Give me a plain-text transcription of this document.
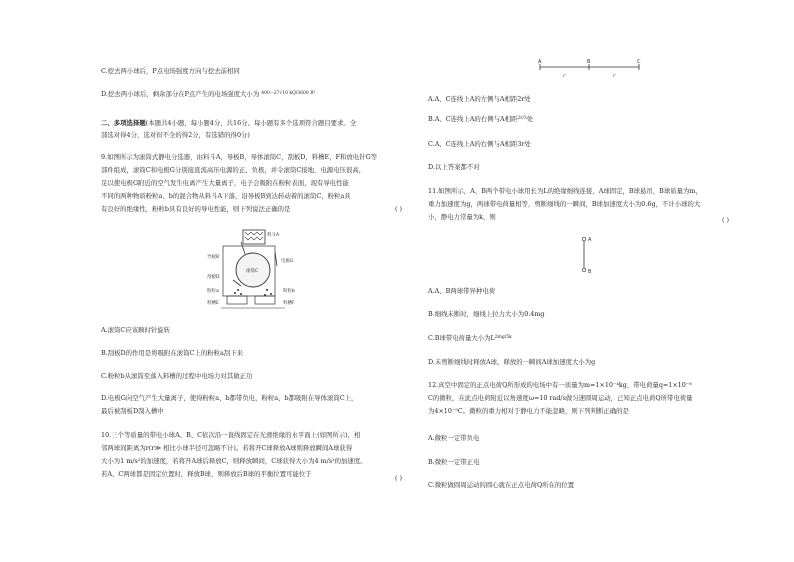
C.挖去两小球后，P点电场强度方向与挖去前相同
D.挖去两小球后，剩余部分在P点产生的电场强度大小为 400−27√10 kQ/3600 R²
二、多项选择题(本题共4小题，每小题4分，共16分。每小题有多个选项符合题目要求。全
部选对得4分，选对但不全的得2分，有选错的得0分)
9.如图所示为滚筒式静电分选器，由料斗A，导板B，导体滚筒C，刮板D，料槽E，F和放电针G等
部件组成，滚筒C和电极G分别接直流高压电源的正、负极，并令滚筒C接地，电源电压很高，
足以使电极G附近的空气发生电离产生大量离子，电子会吸附在粉粒表面，现有导电性能
不同的两种物质粉粒a、b的混合物从料斗A下落，沿导板B到达转动着的滚筒C，粉粒a具
有良好的绝缘性，粉粒b具有良好的导电性能，则下列说法正确的是	( )
料斗A
导板B
刮板D
滚筒C
电极G
粉粒a	粉粒b
料槽E	料槽F
A.滚筒C应该顺时针旋转
B.刮板D的作用是将吸附在滚筒C上的粉粒a刮下来
C.粉粒b从滚筒至落入料槽的过程中电场力对其做正功
D.电极G向空气产生大量离子，使得粉粒a、b都带负电，粉粒a、b都吸附在导体滚筒C上，
最后被刮板D刮入槽中
10.三个等质量的带电小球A、B、C依次沿一直线固定在光滑绝缘的水平面上(如图所示)，相
邻两球间距离为r(r≫ 相比小球半径可忽略不计)。若将开C球释放A球则释放瞬间A球获得
大小为1 m/s²的加速度，若将开A球后释放C，则释放瞬间，C球获得大小为4 m/s²的加速度。
若A、C两球都是固定位置时，释放B球，则释放后B球的平衡位置可能位于	( )
A	B	C
r	r
A.A、C连线上A的左侧与A相距2r处
B.A、C连线上A的右侧与A相距2r/3处
C.A、C连线上A的右侧与A相距3r处
D.以上答案都不对
11.如图所示，A、B两个带电小球用长为L的绝缘细线连接，A球固定，B球悬吊，B球质量为m，
重力加速度为g，两球带电荷量相等，剪断细线的一瞬间，B球加速度大小为0.6g，不计小球的大
小，静电力常量为k，则	( )
A
B
A.A、B两球带异种电荷
B.细线未断时，细线上拉力大小为0.4mg
C.B球带电荷量大小为L2mg/5k
D.未剪断细线时释放A球，释放的一瞬间A球加速度大小为g
12.真空中固定的正点电荷Q所形成的电场中有一质量为m=1×10⁻⁴kg，带电荷量q=1×10⁻⁸
C的微粒，在此点电荷附近以角速度ω=10 rad/s做匀速圆周运动，已知正点电荷Q所带电荷量
为4×10⁻⁵C。微粒的重力相对于静电力不能忽略，则下列判断正确的是
A.微粒一定带负电
B.微粒一定带正电
C.微粒做圆周运动的圆心就在正点电荷Q所在的位置
